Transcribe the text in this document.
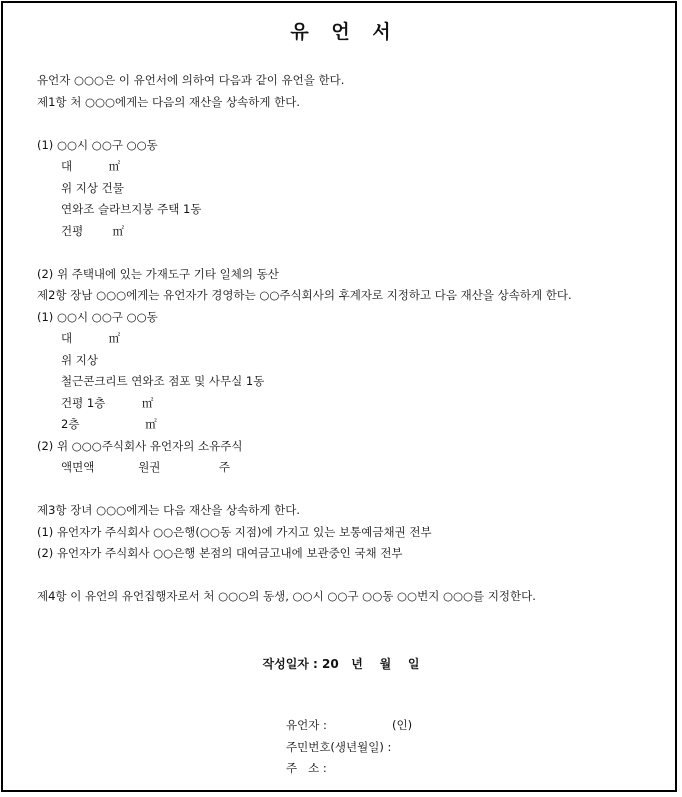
유 언 서
유언자 ○○○은 이 유언서에 의하여 다음과 같이 유언을 한다.
제1항 처 ○○○에게는 다음의 재산을 상속하게 한다.
(1) ○○시 ○○구 ○○동
대          ㎡
위 지상 건물
연와조 슬라브지붕 주택 1동
건평        ㎡
(2) 위 주택내에 있는 가재도구 기타 일체의 동산
제2항 장남 ○○○에게는 유언자가 경영하는 ○○주식회사의 후계자로 지정하고 다음 재산을 상속하게 한다.
(1) ○○시 ○○구 ○○동
대          ㎡
위 지상
철근콘크리트 연와조 점포 및 사무실 1동
건평 1층          ㎡
2층                  ㎡
(2) 위 ○○○주식회사 유언자의 소유주식
액면액            원권                주
제3항 장녀 ○○○에게는 다음 재산을 상속하게 한다.
(1) 유언자가 주식회사 ○○은행(○○동 지점)에 가지고 있는 보통예금채권 전부
(2) 유언자가 주식회사 ○○은행 본점의 대여금고내에 보관중인 국채 전부
제4항 이 유언의 유언집행자로서 처 ○○○의 동생, ○○시 ○○구 ○○동 ○○번지 ○○○를 지정한다.
작성일자 : 20   년    월    일
유언자 :	(인)
주민번호(생년월일) :
주   소 :
